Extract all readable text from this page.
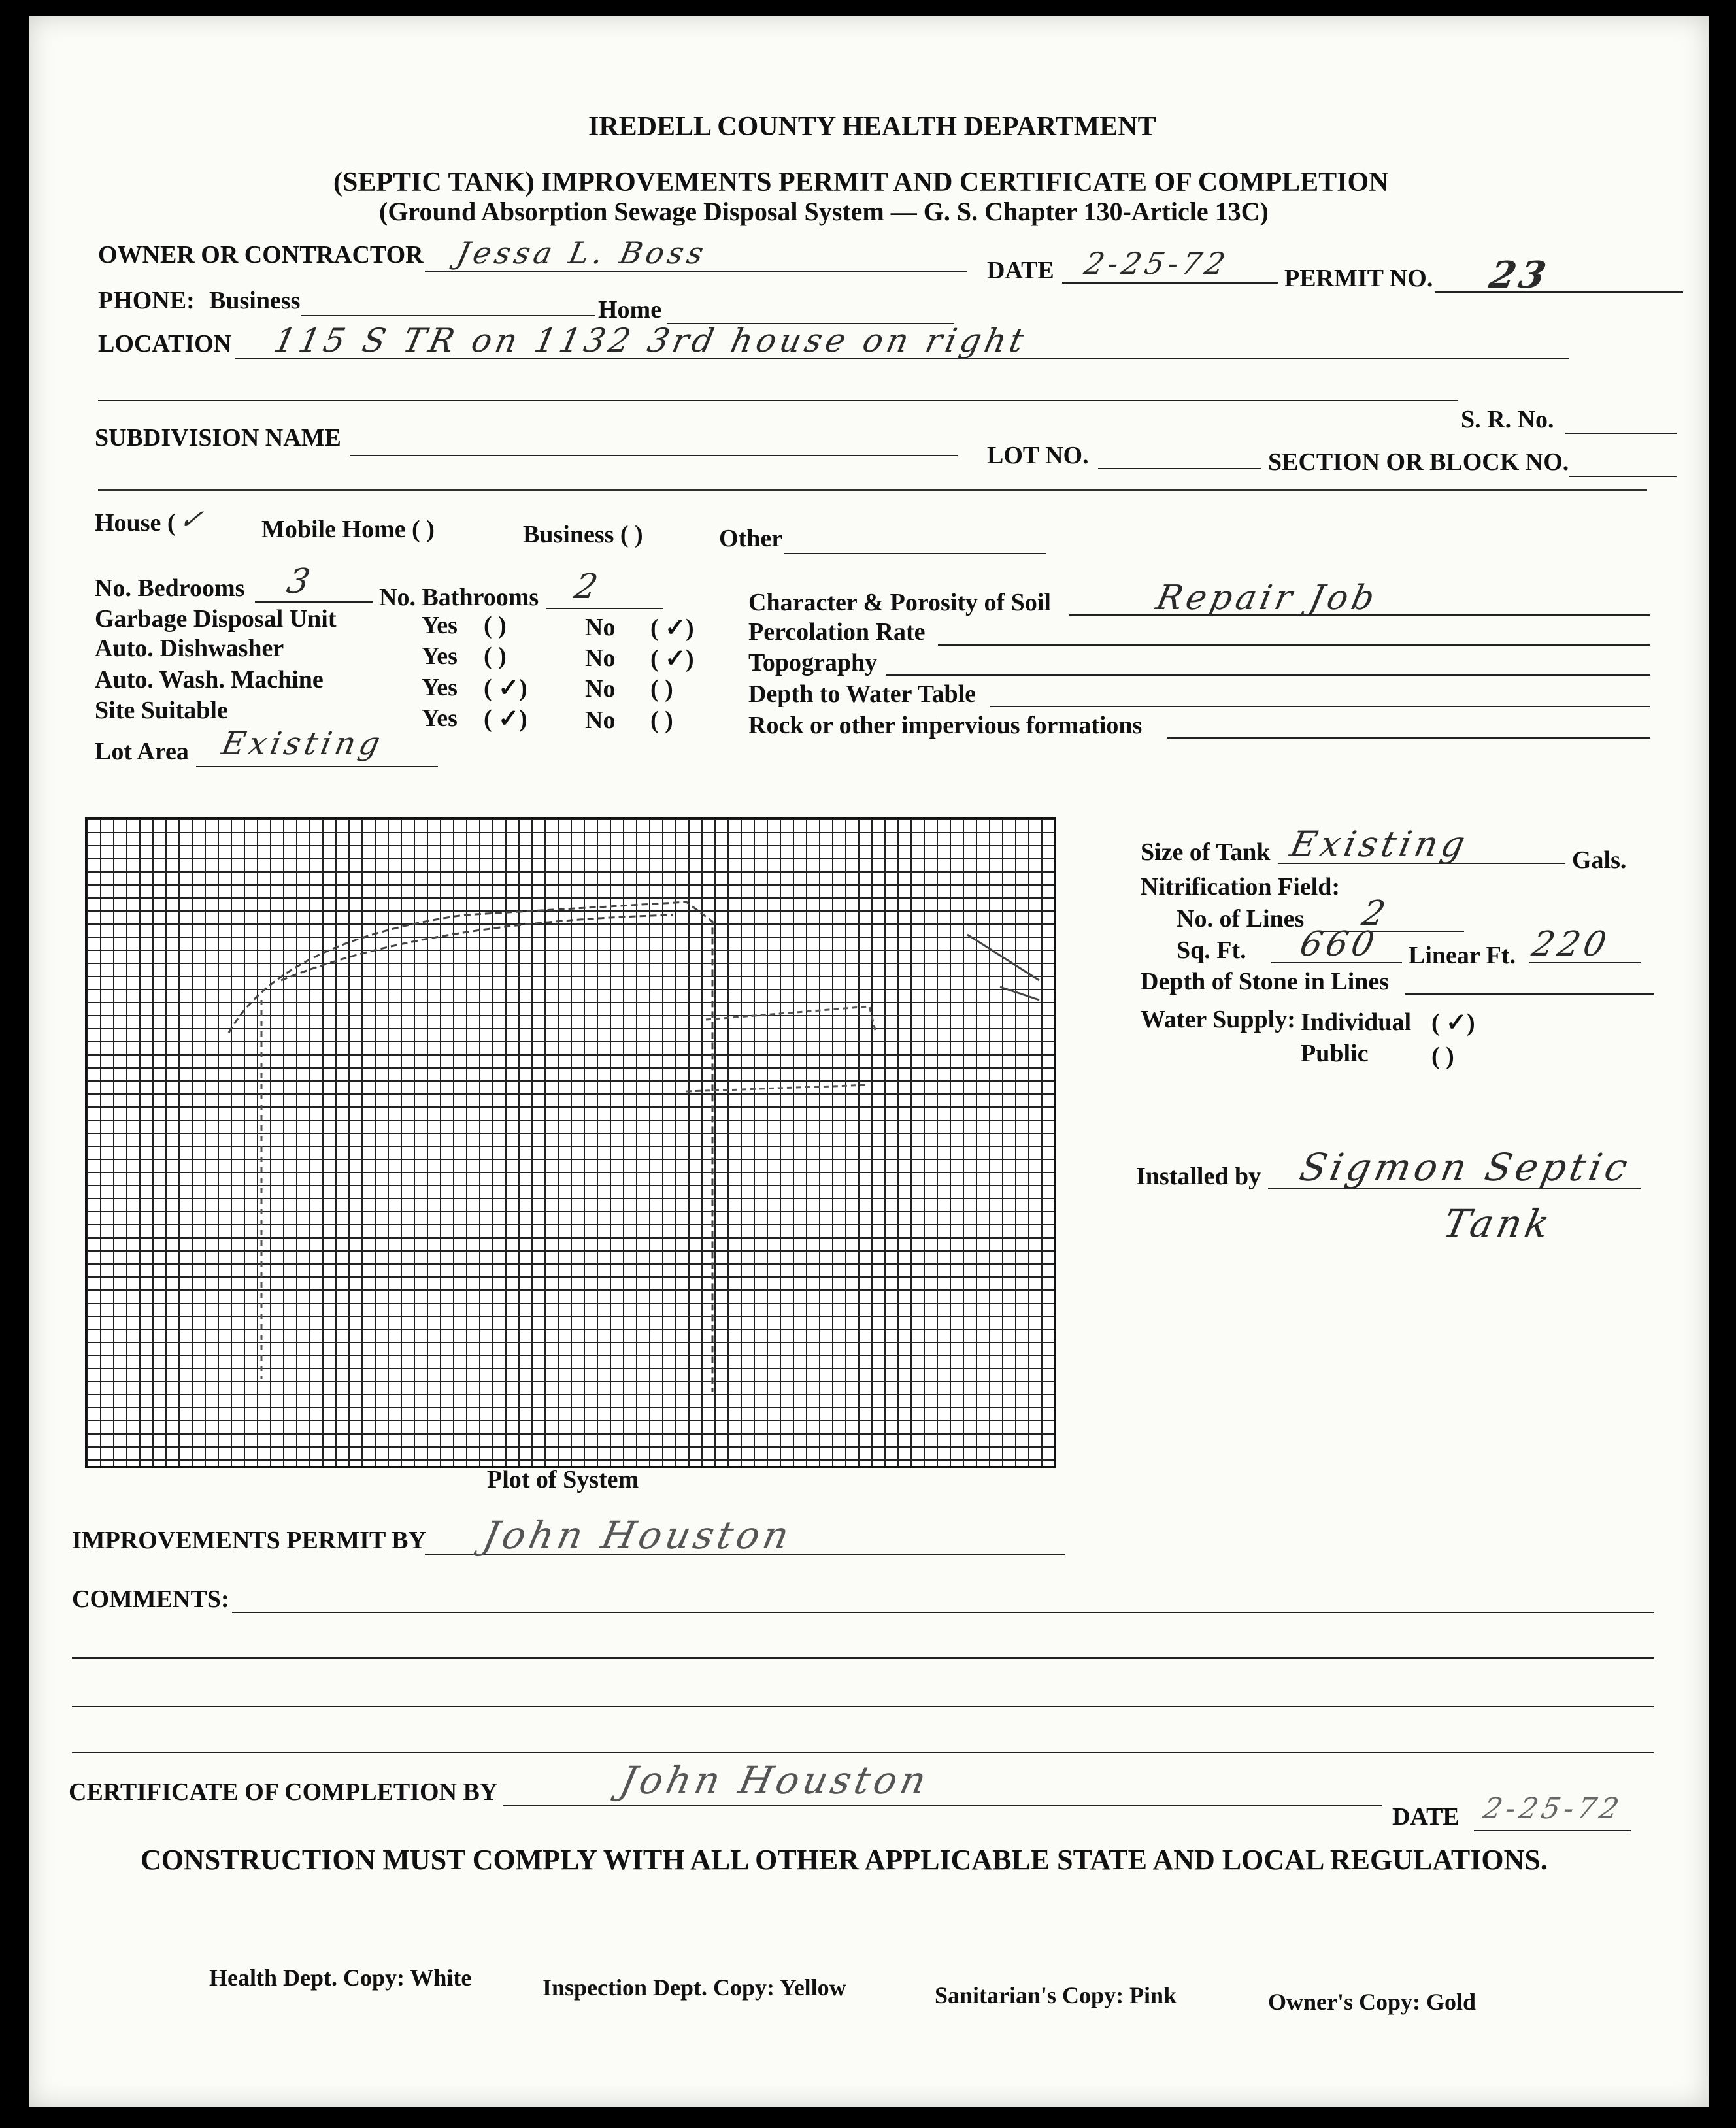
IREDELL COUNTY HEALTH DEPARTMENT
(SEPTIC TANK) IMPROVEMENTS PERMIT AND CERTIFICATE OF COMPLETION
(Ground Absorption Sewage Disposal System — G. S. Chapter 130-Article 13C)
OWNER OR CONTRACTOR Jessa L. Boss	DATE 2-25-72 PERMIT NO. 23
PHONE: Business	Home
LOCATION 115 S TR on 1132 3rd house on right
S. R. No.
SUBDIVISION NAME
LOT NO.	SECTION OR BLOCK NO.
House ( ✓ Mobile Home ( )	Business ( )	Other
No. Bedrooms 3 No. Bathrooms 2
Garbage Disposal Unit	Yes ( )	No ( ✓)
Auto. Dishwasher	Yes ( )	No ( ✓)
Auto. Wash. Machine	Yes ( ✓) No ( )
Site Suitable	Yes ( ✓) No ( )
Lot Area Existing
Character & Porosity of Soil	Repair Job
Percolation Rate
Topography
Depth to Water Table
Rock or other impervious formations
Plot of System
Size of Tank Existing	Gals.
Nitrification Field:
No. of Lines 2
Sq. Ft. 660 Linear Ft. 220
Depth of Stone in Lines
Water Supply: Individual ( ✓)
Public	( )
Installed by Sigmon Septic
Tank
IMPROVEMENTS PERMIT BY John Houston
COMMENTS:
CERTIFICATE OF COMPLETION BY	John Houston
DATE 2-25-72
CONSTRUCTION MUST COMPLY WITH ALL OTHER APPLICABLE STATE AND LOCAL REGULATIONS.
Health Dept. Copy: White	Inspection Dept. Copy: Yellow	Sanitarian's Copy: Pink	Owner's Copy: Gold
